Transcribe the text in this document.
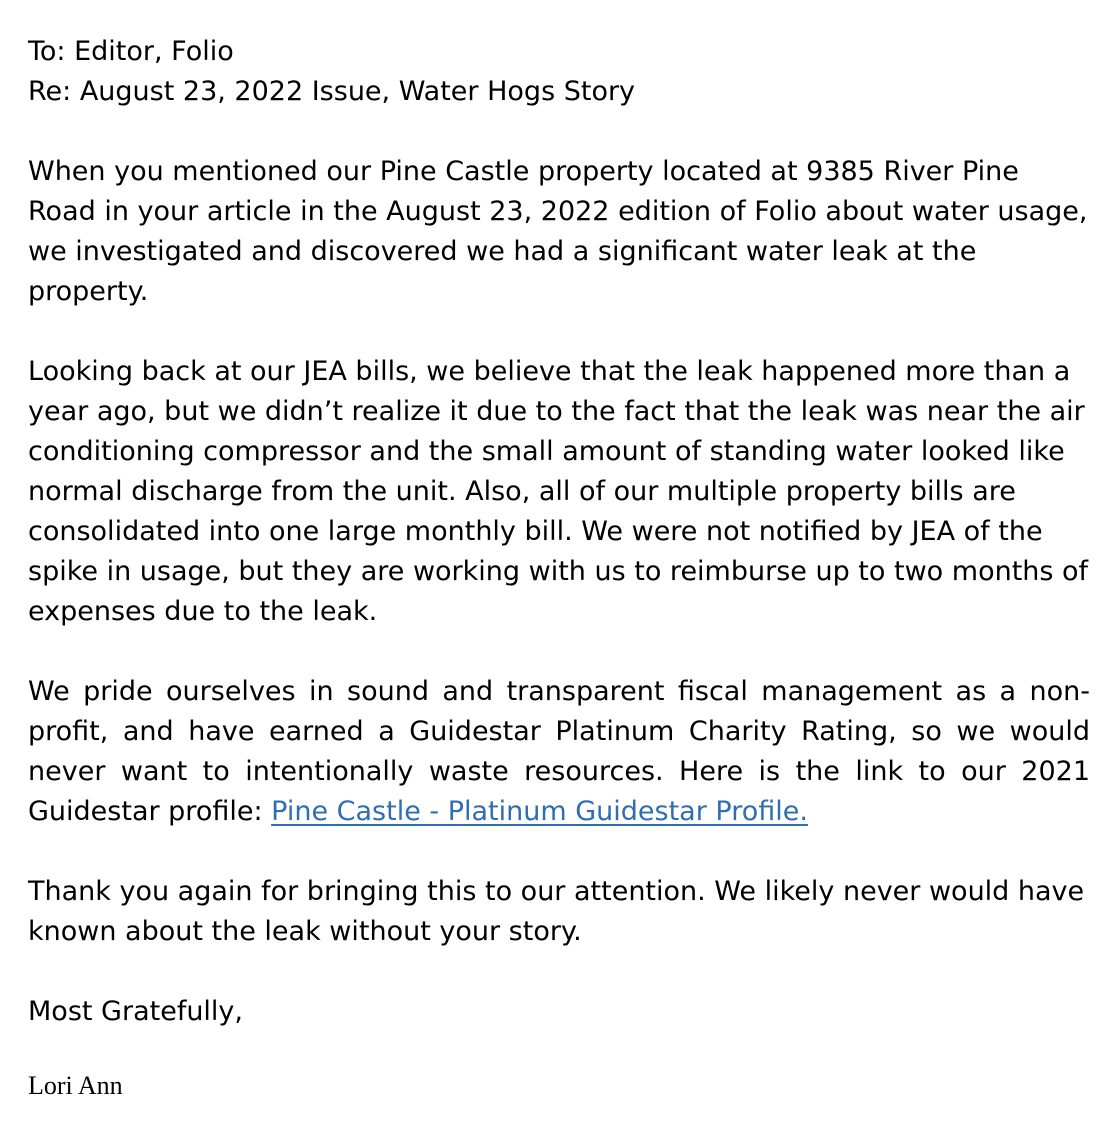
To: Editor, Folio

Re: August 23, 2022 Issue, Water Hogs Story

When you mentioned our Pine Castle property located at 9385 River Pine Road in your article in the August 23, 2022 edition of Folio about water usage, we investigated and discovered we had a significant water leak at the property.

Looking back at our JEA bills, we believe that the leak happened more than a year ago, but we didn’t realize it due to the fact that the leak was near the air conditioning compressor and the small amount of standing water looked like normal discharge from the unit. Also, all of our multiple property bills are consolidated into one large monthly bill. We were not notified by JEA of the spike in usage, but they are working with us to reimburse up to two months of expenses due to the leak.

We pride ourselves in sound and transparent fiscal management as a non-profit, and have earned a Guidestar Platinum Charity Rating, so we would never want to intentionally waste resources. Here is the link to our 2021 Guidestar profile: Pine Castle - Platinum Guidestar Profile.

Thank you again for bringing this to our attention. We likely never would have known about the leak without your story.

Most Gratefully,

Lori Ann
